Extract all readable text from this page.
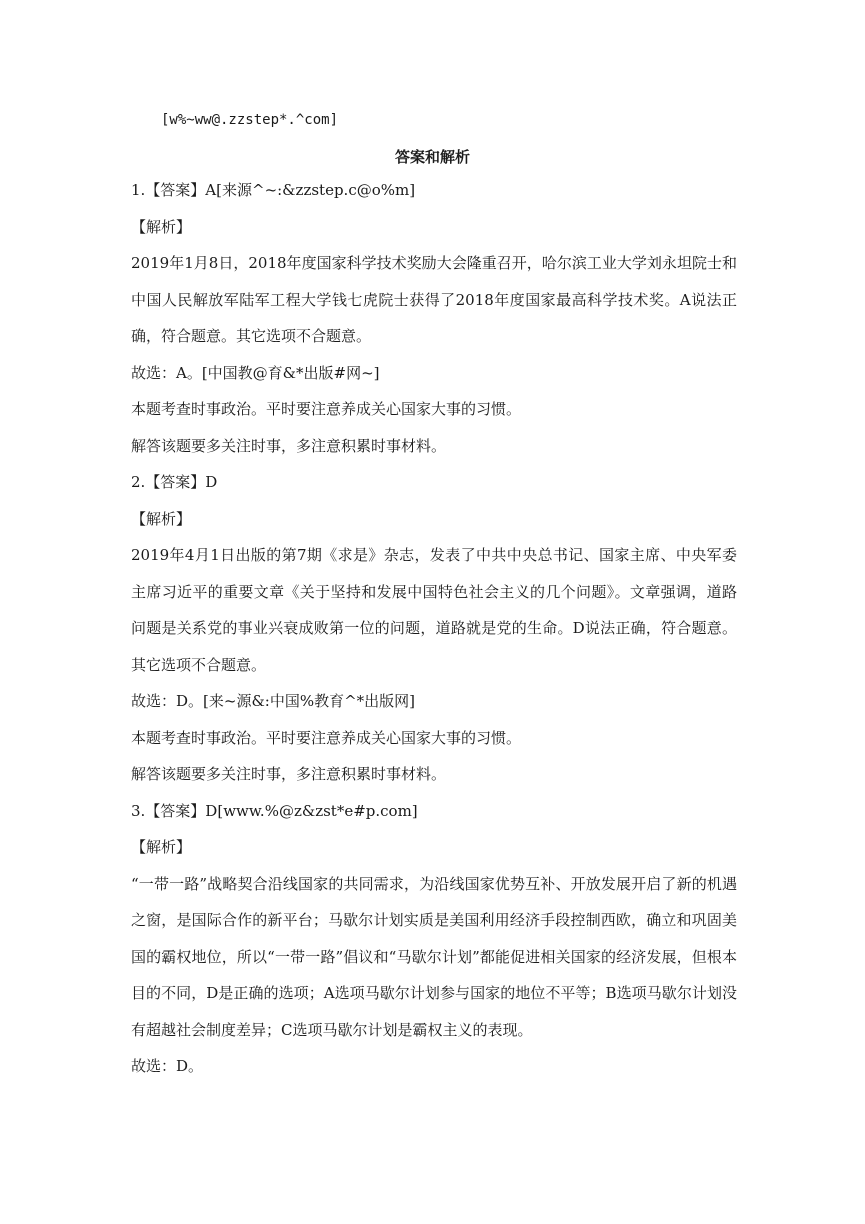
[w%~ww@.zzstep*.^com]
答案和解析

1.【答案】A[来源^~:&zzstep.c@o%m]

【解析】

2019年1月8日，2018年度国家科学技术奖励大会隆重召开，哈尔滨工业大学刘永坦院士和中国人民解放军陆军工程大学钱七虎院士获得了2018年度国家最高科学技术奖。A说法正确，符合题意。其它选项不合题意。

故选：A。[中国教@育&*出版#网~]

本题考查时事政治。平时要注意养成关心国家大事的习惯。

解答该题要多关注时事，多注意积累时事材料。

2.【答案】D

【解析】

2019年4月1日出版的第7期《求是》杂志，发表了中共中央总书记、国家主席、中央军委主席习近平的重要文章《关于坚持和发展中国特色社会主义的几个问题》。文章强调，道路问题是关系党的事业兴衰成败第一位的问题，道路就是党的生命。D说法正确，符合题意。其它选项不合题意。

故选：D。[来~源&:中国%教育^*出版网]

本题考查时事政治。平时要注意养成关心国家大事的习惯。

解答该题要多关注时事，多注意积累时事材料。

3.【答案】D[www.%@z&zst*e#p.com]

【解析】

“一带一路”战略契合沿线国家的共同需求，为沿线国家优势互补、开放发展开启了新的机遇之窗，是国际合作的新平台；马歇尔计划实质是美国利用经济手段控制西欧，确立和巩固美国的霸权地位，所以“一带一路”倡议和“马歇尔计划”都能促进相关国家的经济发展，但根本目的不同，D是正确的选项；A选项马歇尔计划参与国家的地位不平等；B选项马歇尔计划没有超越社会制度差异；C选项马歇尔计划是霸权主义的表现。

故选：D。
